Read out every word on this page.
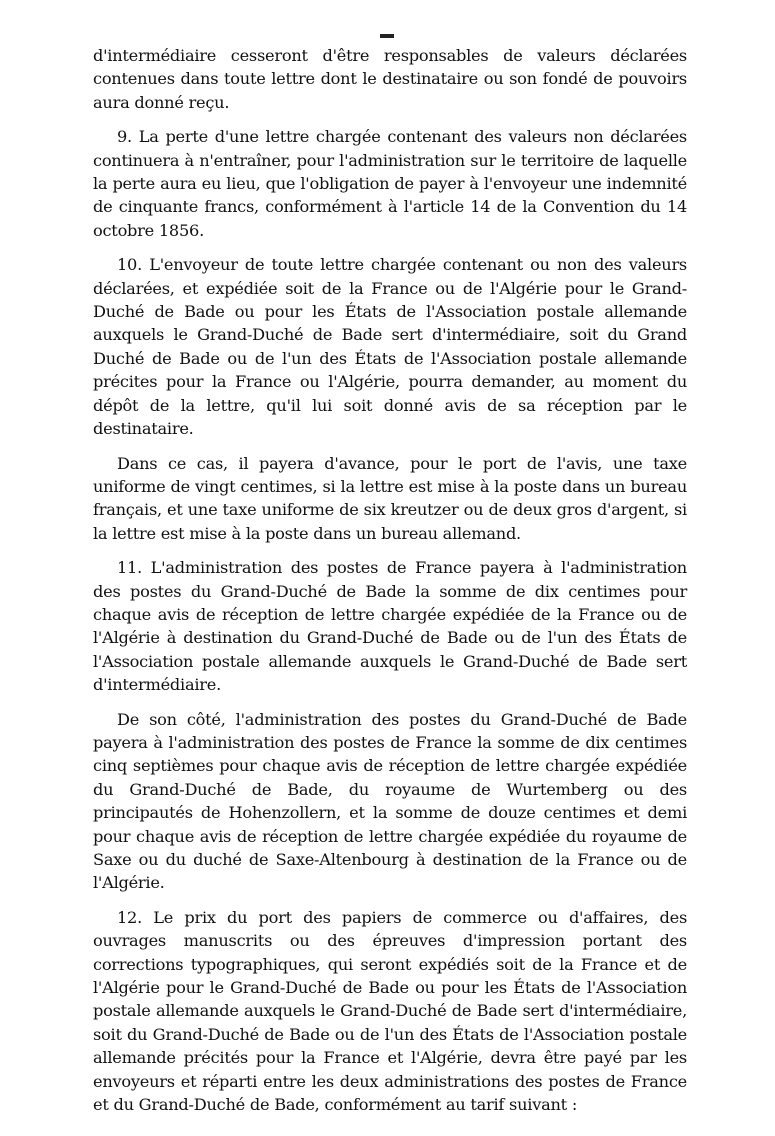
d'intermédiaire cesseront d'être responsables de valeurs déclarées contenues dans toute lettre dont le destinataire ou son fondé de pouvoirs aura donné reçu.

9. La perte d'une lettre chargée contenant des valeurs non déclarées continuera à n'entraîner, pour l'administration sur le territoire de laquelle la perte aura eu lieu, que l'obligation de payer à l'envoyeur une indemnité de cinquante francs, conformément à l'article 14 de la Convention du 14 octobre 1856.

10. L'envoyeur de toute lettre chargée contenant ou non des valeurs déclarées, et expédiée soit de la France ou de l'Algérie pour le Grand-Duché de Bade ou pour les États de l'Association postale allemande auxquels le Grand-Duché de Bade sert d'intermédiaire, soit du Grand Duché de Bade ou de l'un des États de l'Association postale allemande précites pour la France ou l'Algérie, pourra demander, au moment du dépôt de la lettre, qu'il lui soit donné avis de sa réception par le destinataire.

Dans ce cas, il payera d'avance, pour le port de l'avis, une taxe uniforme de vingt centimes, si la lettre est mise à la poste dans un bureau français, et une taxe uniforme de six kreutzer ou de deux gros d'argent, si la lettre est mise à la poste dans un bureau allemand.

11. L'administration des postes de France payera à l'administration des postes du Grand-Duché de Bade la somme de dix centimes pour chaque avis de réception de lettre chargée expédiée de la France ou de l'Algérie à destination du Grand-Duché de Bade ou de l'un des États de l'Association postale allemande auxquels le Grand-Duché de Bade sert d'intermédiaire.

De son côté, l'administration des postes du Grand-Duché de Bade payera à l'administration des postes de France la somme de dix centimes cinq septièmes pour chaque avis de réception de lettre chargée expédiée du Grand-Duché de Bade, du royaume de Wurtemberg ou des principautés de Hohenzollern, et la somme de douze centimes et demi pour chaque avis de réception de lettre chargée expédiée du royaume de Saxe ou du duché de Saxe-Altenbourg à destination de la France ou de l'Algérie.

12. Le prix du port des papiers de commerce ou d'affaires, des ouvrages manuscrits ou des épreuves d'impression portant des corrections typographiques, qui seront expédiés soit de la France et de l'Algérie pour le Grand-Duché de Bade ou pour les États de l'Association postale allemande auxquels le Grand-Duché de Bade sert d'intermédiaire, soit du Grand-Duché de Bade ou de l'un des États de l'Association postale allemande précités pour la France et l'Algérie, devra être payé par les envoyeurs et réparti entre les deux administrations des postes de France et du Grand-Duché de Bade, conformément au tarif suivant :
